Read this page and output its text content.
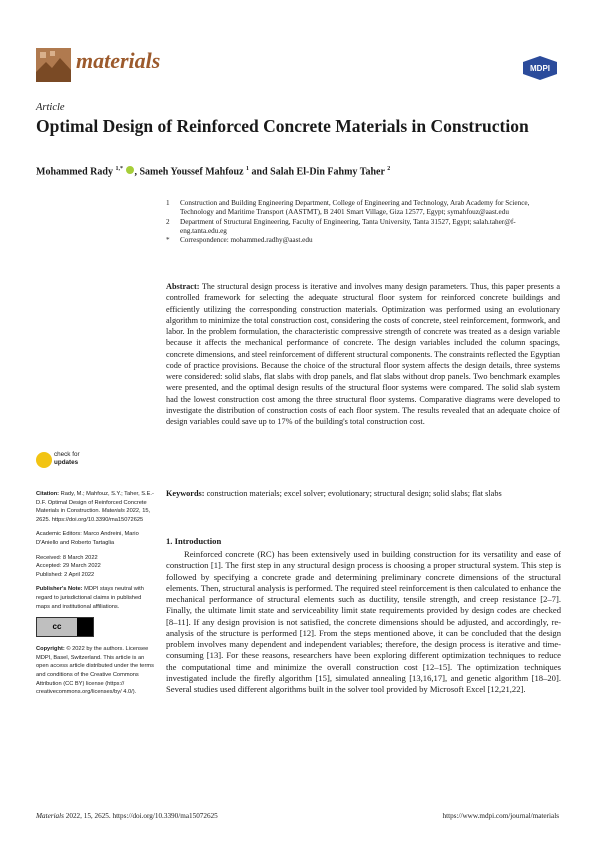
materials	MDPI
Article
Optimal Design of Reinforced Concrete Materials in Construction
Mohammed Rady $^{1,*}$ , Sameh Youssef Mahfouz $^1$ and Salah El-Din Fahmy Taher $^2$
1 Construction and Building Engineering Department, College of Engineering and Technology, Arab Academy for Science, Technology and Maritime Transport (AASTMT), B 2401 Smart Village, Giza 12577, Egypt; symahfouz@aast.edu
2 Department of Structural Engineering, Faculty of Engineering, Tanta University, Tanta 31527, Egypt; salah.taher@f-eng.tanta.edu.eg
* Correspondence: mohammed.radhy@aast.edu
Abstract: The structural design process is iterative and involves many design parameters. Thus, this paper presents a controlled framework for selecting the adequate structural floor system for reinforced concrete buildings and efficiently utilizing the corresponding construction materials. Optimization was performed using an evolutionary algorithm to minimize the total construction cost, considering the costs of concrete, steel reinforcement, formwork, and labor. In the problem formulation, the characteristic compressive strength of concrete was treated as a design variable because it affects the mechanical performance of concrete. The design variables included the column spacings, concrete dimensions, and steel reinforcement of different structural components. The constraints reflected the Egyptian code of practice provisions. Because the choice of the structural floor system affects the design details, three systems were considered: solid slabs, flat slabs with drop panels, and flat slabs without drop panels. Two benchmark examples were presented, and the optimal design results of the structural floor systems were compared. The solid slab system had the lowest construction cost among the three structural floor systems. Comparative diagrams were developed to investigate the distribution of construction costs of each floor system. The results revealed that an adequate choice of design variables could save up to 17% of the building's total construction cost.
Keywords: construction materials; excel solver; evolutionary; structural design; solid slabs; flat slabs
check for
updates

Citation: Rady, M.; Mahfouz, S.Y.; Taher, S.E.-D.F. Optimal Design of Reinforced Concrete Materials in Construction. Materials 2022, 15, 2625. https://doi.org/10.3390/ma15072625

Academic Editors: Marco Andreini, Mario D'Aniello and Roberto Tartaglia

Received: 8 March 2022
Accepted: 29 March 2022

Published: 2 April 2022

Publisher's Note: MDPI stays neutral with regard to jurisdictional claims in published maps and institutional affiliations.

cc

Copyright: © 2022 by the authors. Licensee MDPI, Basel, Switzerland. This article is an open access article distributed under the terms and conditions of the Creative Commons Attribution (CC BY) license (https:// creativecommons.org/licenses/by/ 4.0/).

1. Introduction
Reinforced concrete (RC) has been extensively used in building construction for its versatility and ease of construction [1]. The first step in any structural design process is choosing a proper structural system. This step is followed by specifying a concrete grade and determining preliminary concrete dimensions of the structural elements. Then, structural analysis is performed. The required steel reinforcement is then calculated to enhance the mechanical performance of structural elements such as ductility, tensile strength, and creep resistance [2–7]. Finally, the ultimate limit state and serviceability limit state requirements provided by design codes are checked [8–11]. If any design provision is not satisfied, the concrete dimensions should be adjusted, and accordingly, re-analysis of the structure is performed [12]. From the steps mentioned above, it can be concluded that the design problem involves many dependent and independent variables; therefore, the design process is iterative and time-consuming [13]. For these reasons, researchers have been exploring different optimization techniques to reduce the computational time and minimize the overall construction cost [12–15]. The optimization techniques investigated include the firefly algorithm [15], simulated annealing [13,16,17], and genetic algorithm [18–20]. Several studies used different algorithms built in the solver tool provided by Microsoft Excel [12,21,22].
Materials 2022, 15, 2625. https://doi.org/10.3390/ma15072625	https://www.mdpi.com/journal/materials
